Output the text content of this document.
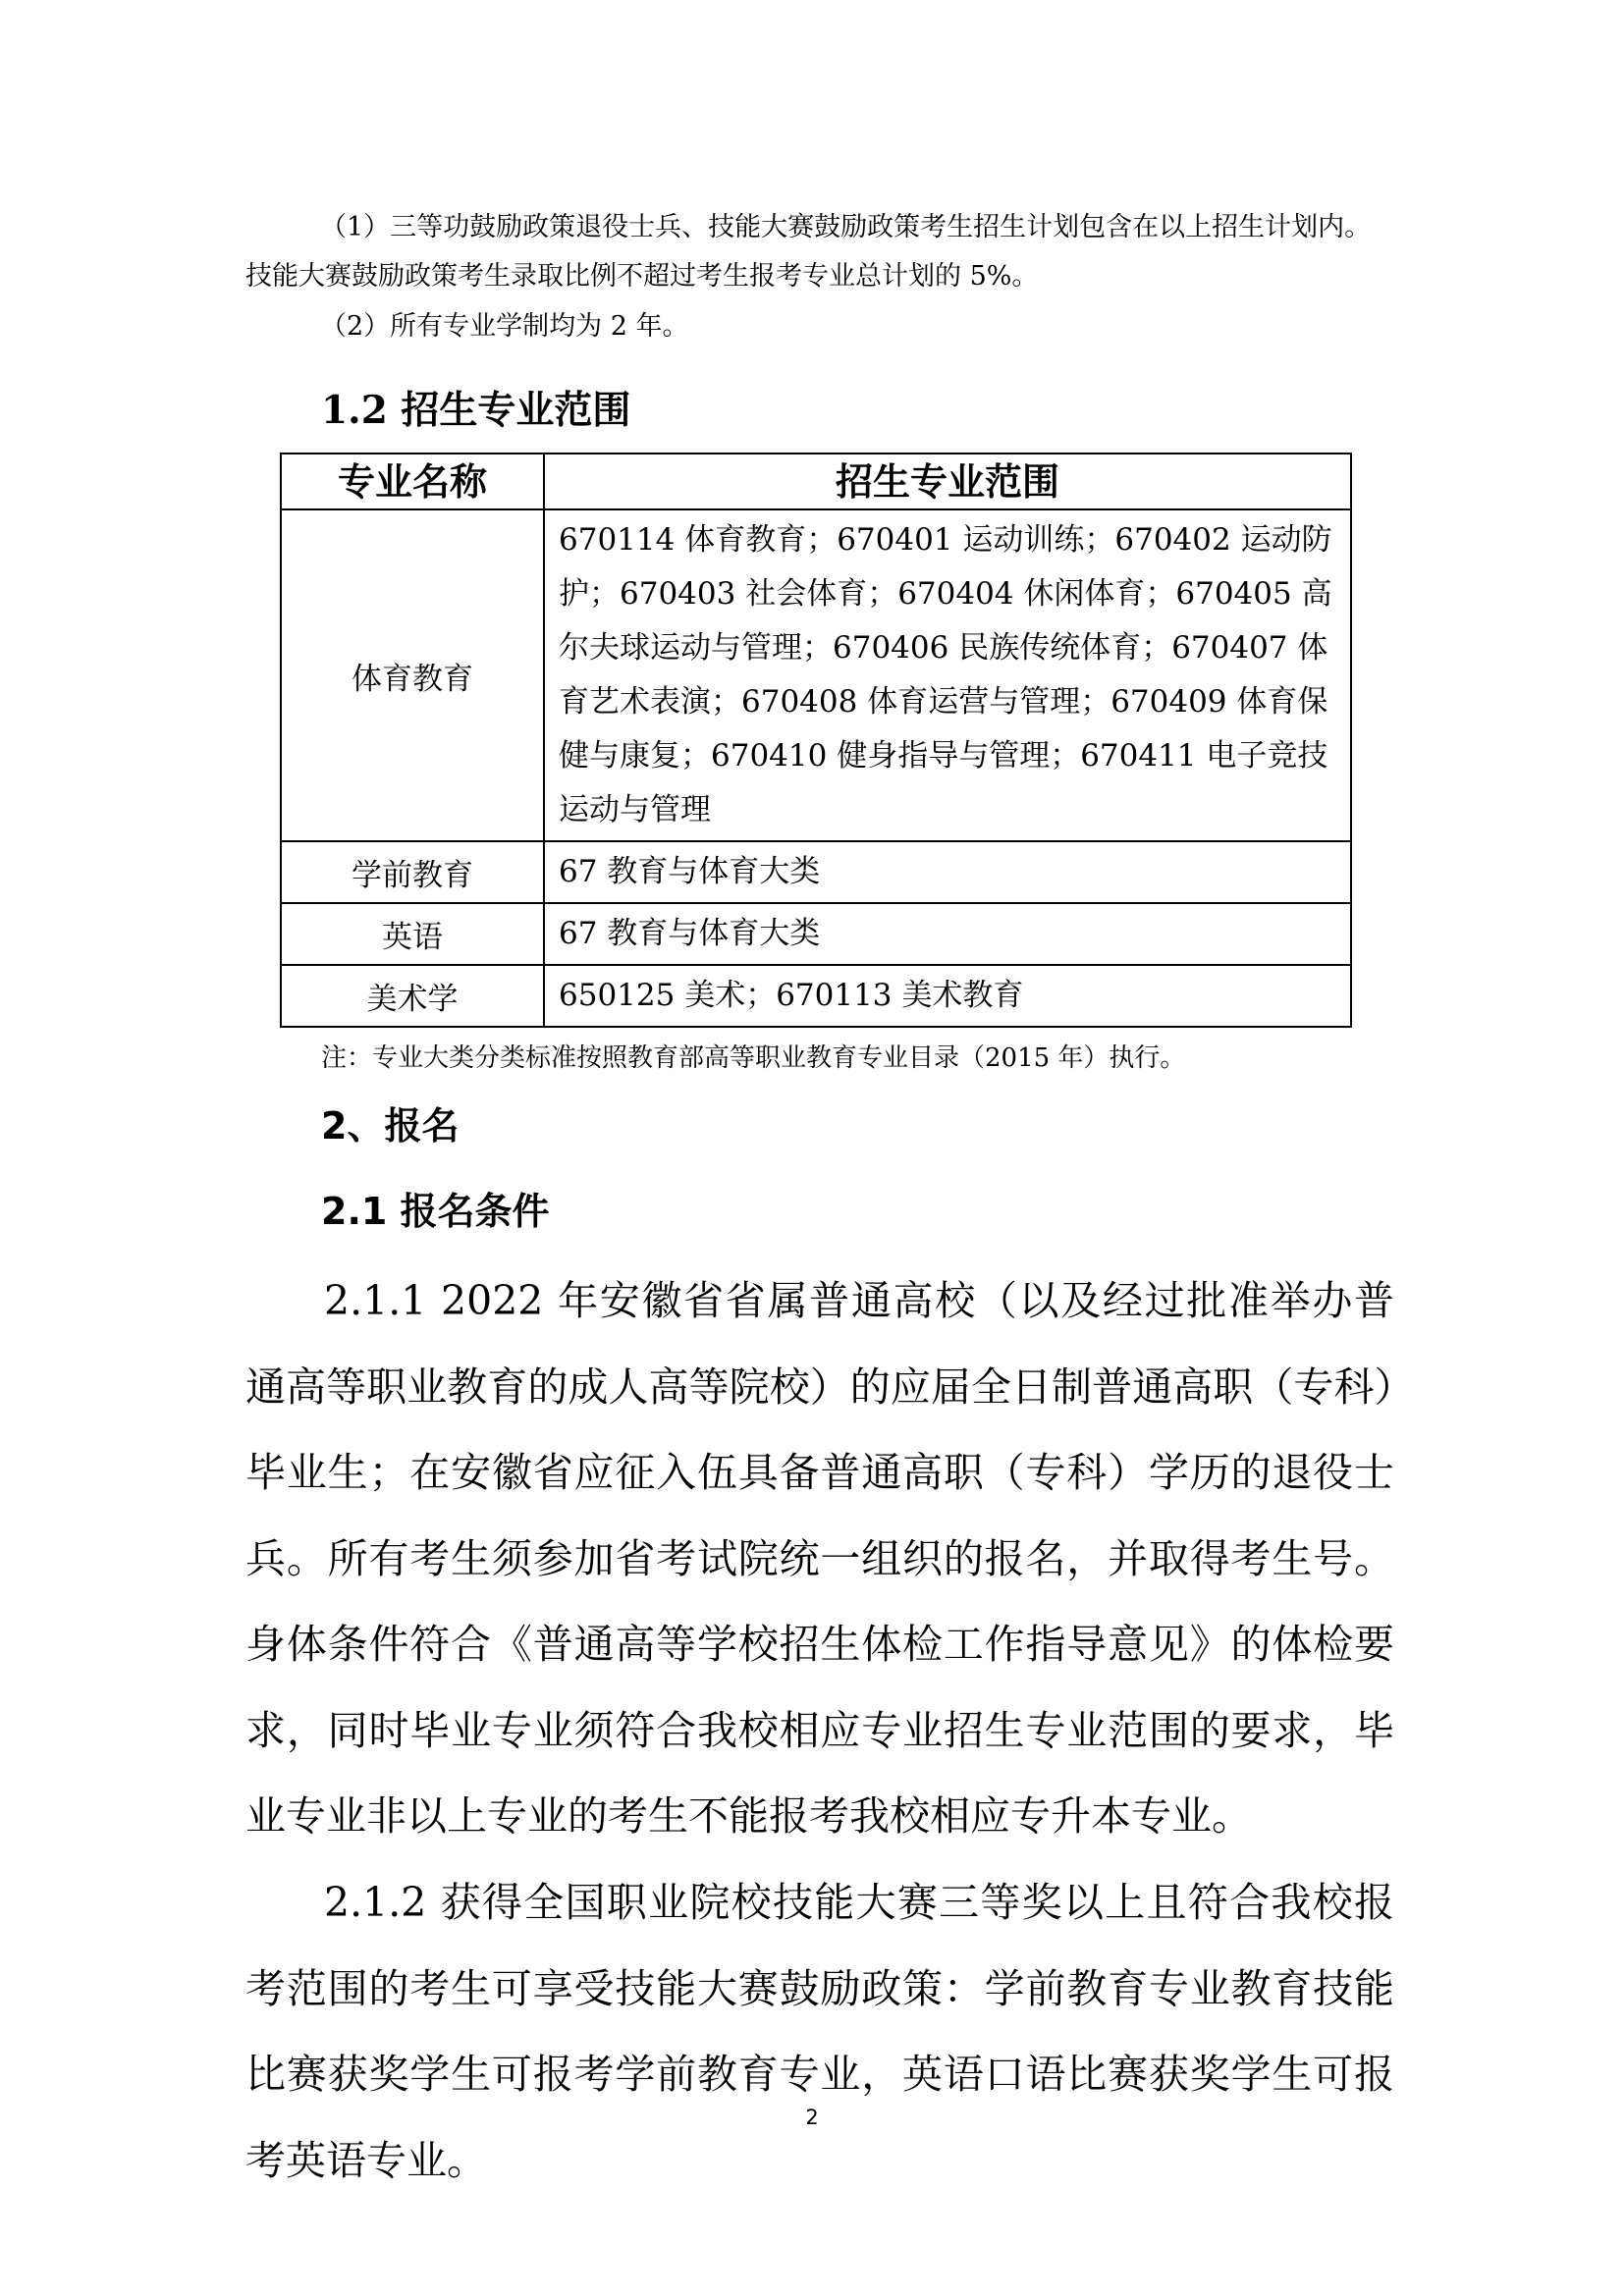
（1）三等功鼓励政策退役士兵、技能大赛鼓励政策考生招生计划包含在以上招生计划内。技能大赛鼓励政策考生录取比例不超过考生报考专业总计划的 5%。

（2）所有专业学制均为 2 年。

1.2 招生专业范围
专业名称	招生专业范围
体育教育	670114 体育教育；670401 运动训练；670402 运动防护；670403 社会体育；670404 休闲体育；670405 高尔夫球运动与管理；670406 民族传统体育；670407 体育艺术表演；670408 体育运营与管理；670409 体育保健与康复；670410 健身指导与管理；670411 电子竞技运动与管理
学前教育	67 教育与体育大类
英语	67 教育与体育大类
美术学	650125 美术；670113 美术教育

注：专业大类分类标准按照教育部高等职业教育专业目录（2015 年）执行。

2、报名
2.1 报名条件

2.1.1 2022 年安徽省省属普通高校（以及经过批准举办普通高等职业教育的成人高等院校）的应届全日制普通高职（专科）毕业生；在安徽省应征入伍具备普通高职（专科）学历的退役士兵。所有考生须参加省考试院统一组织的报名，并取得考生号。身体条件符合《普通高等学校招生体检工作指导意见》的体检要求，同时毕业专业须符合我校相应专业招生专业范围的要求，毕业专业非以上专业的考生不能报考我校相应专升本专业。

2.1.2 获得全国职业院校技能大赛三等奖以上且符合我校报考范围的考生可享受技能大赛鼓励政策：学前教育专业教育技能比赛获奖学生可报考学前教育专业，英语口语比赛获奖学生可报考英语专业。

2
